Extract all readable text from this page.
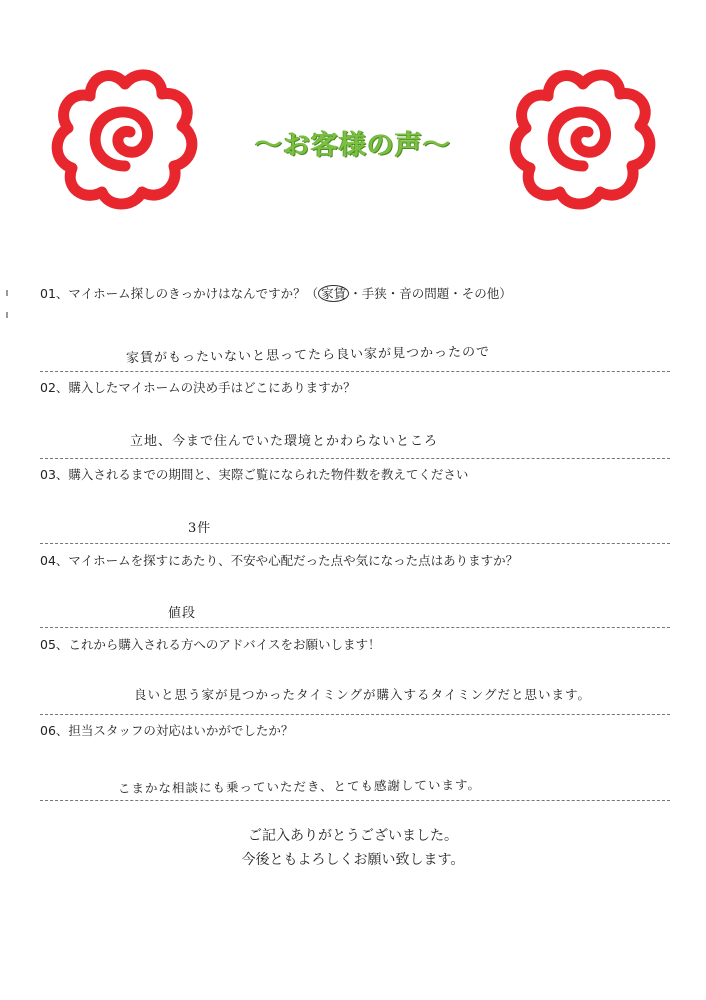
～お客様の声～
01、マイホーム探しのきっかけはなんですか？（ 家賃 ・手狭・音の問題・その他）
家賃がもったいないと思ってたら良い家が見つかったので
02、購入したマイホームの決め手はどこにありますか？
立地、今まで住んでいた環境とかわらないところ
03、購入されるまでの期間と、実際ご覧になられた物件数を教えてください
3件
04、マイホームを探すにあたり、不安や心配だった点や気になった点はありますか？
値段
05、これから購入される方へのアドバイスをお願いします！
良いと思う家が見つかったタイミングが購入するタイミングだと思います。
06、担当スタッフの対応はいかがでしたか？
こまかな相談にも乗っていただき、とても感謝しています。
ご記入ありがとうございました。
今後ともよろしくお願い致します。
